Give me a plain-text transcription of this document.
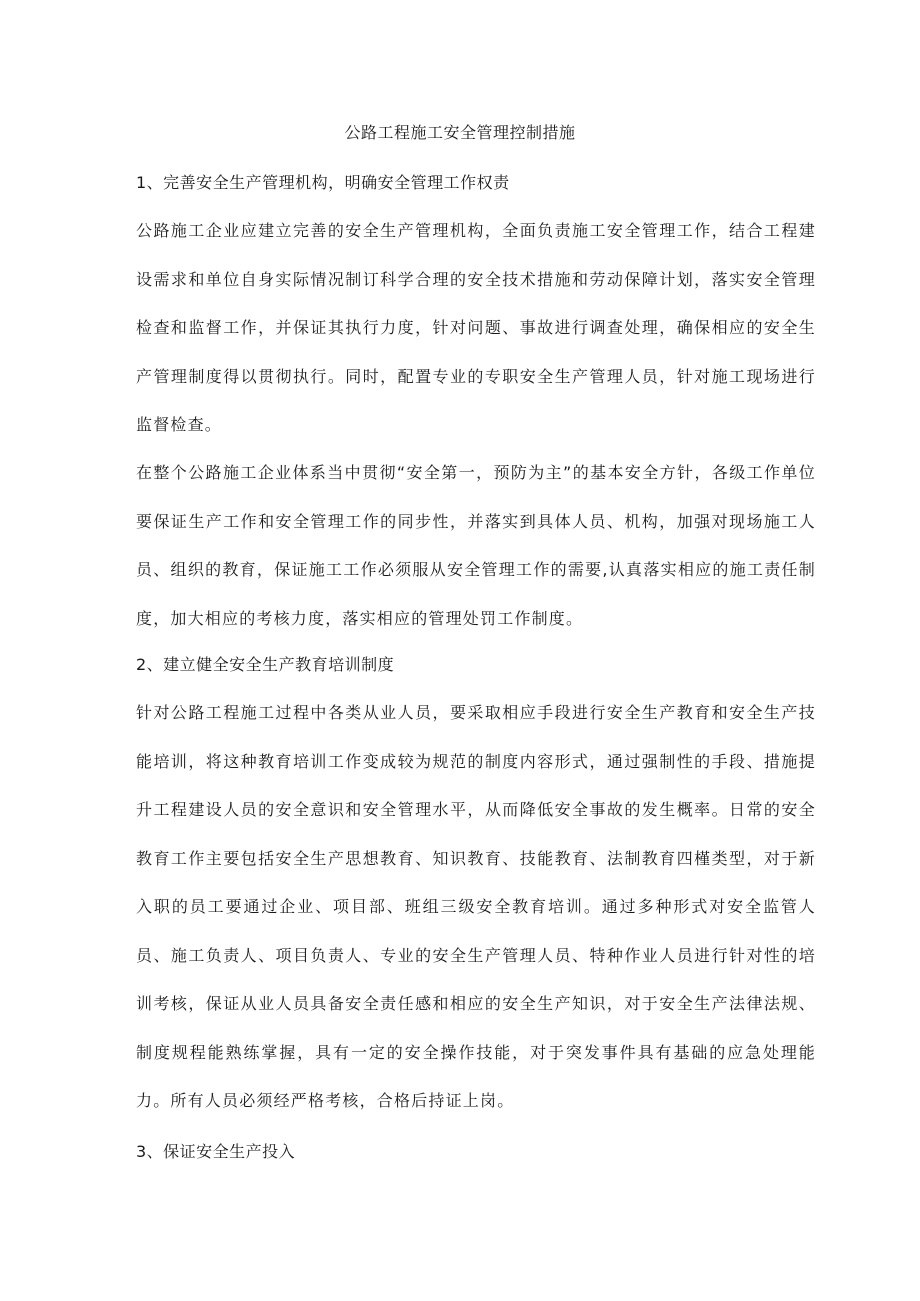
公路工程施工安全管理控制措施
1、完善安全生产管理机构，明确安全管理工作权责

公路施工企业应建立完善的安全生产管理机构，全面负责施工安全管理工作，结合工程建设需求和单位自身实际情况制订科学合理的安全技术措施和劳动保障计划，落实安全管理检查和监督工作，并保证其执行力度，针对问题、事故进行调查处理，确保相应的安全生产管理制度得以贯彻执行。同时，配置专业的专职安全生产管理人员，针对施工现场进行监督检查。

在整个公路施工企业体系当中贯彻“安全第一，预防为主”的基本安全方针，各级工作单位要保证生产工作和安全管理工作的同步性，并落实到具体人员、机构，加强对现场施工人员、组织的教育，保证施工工作必须服从安全管理工作的需要,认真落实相应的施工责任制度，加大相应的考核力度，落实相应的管理处罚工作制度。

2、建立健全安全生产教育培训制度

针对公路工程施工过程中各类从业人员，要采取相应手段进行安全生产教育和安全生产技能培训，将这种教育培训工作变成较为规范的制度内容形式，通过强制性的手段、措施提升工程建设人员的安全意识和安全管理水平，从而降低安全事故的发生概率。日常的安全教育工作主要包括安全生产思想教育、知识教育、技能教育、法制教育四槿类型，对于新入职的员工要通过企业、项目部、班组三级安全教育培训。通过多种形式对安全监管人员、施工负责人、项目负责人、专业的安全生产管理人员、特种作业人员进行针对性的培训考核，保证从业人员具备安全责任感和相应的安全生产知识，对于安全生产法律法规、制度规程能熟练掌握，具有一定的安全操作技能，对于突发事件具有基础的应急处理能力。所有人员必须经严格考核，合格后持证上岗。

3、保证安全生产投入
